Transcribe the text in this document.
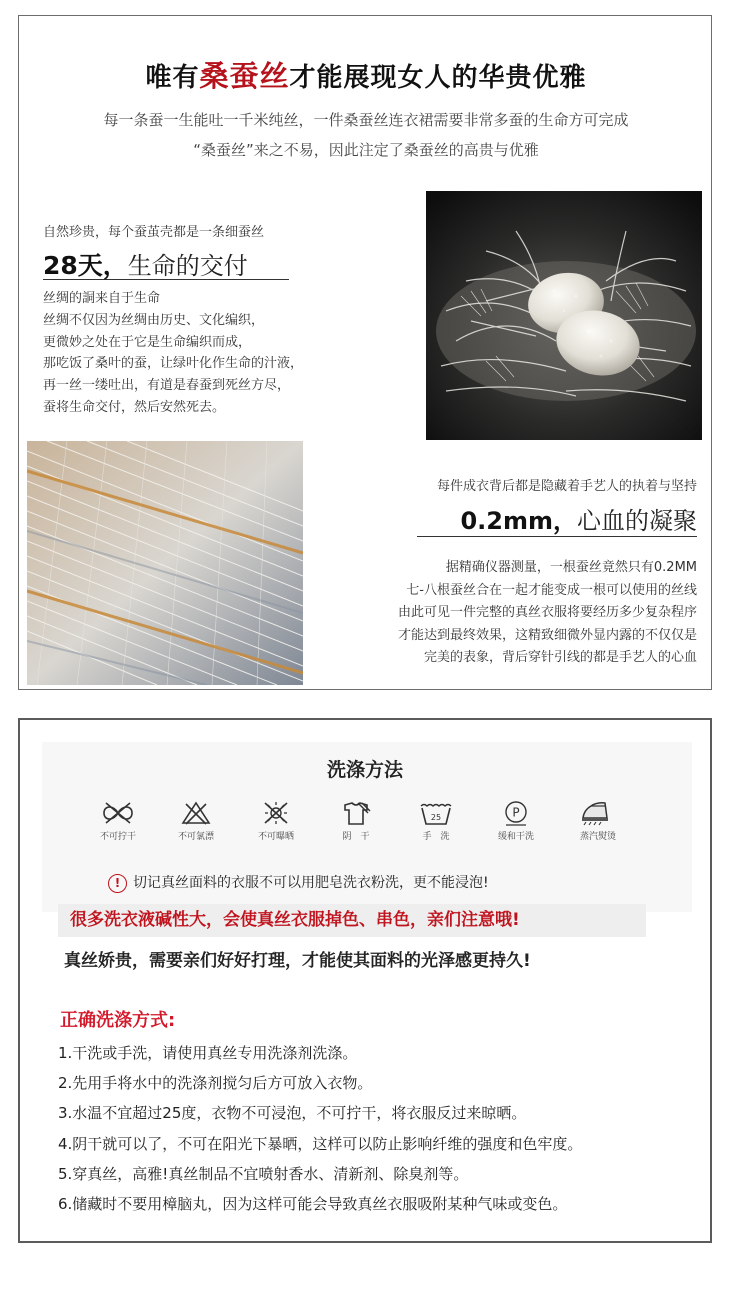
唯有桑蚕丝才能展现女人的华贵优雅

每一条蚕一生能吐一千米纯丝，一件桑蚕丝连衣裙需要非常多蚕的生命方可完成

“桑蚕丝”来之不易，因此注定了桑蚕丝的高贵与优雅

自然珍贵，每个蚕茧壳都是一条细蚕丝

28天，生命的交付
丝绸的詷来自于生命
丝绸不仅因为丝绸由历史、文化编织，
更微妙之处在于它是生命编织而成，
那吃饭了桑叶的蚕，让绿叶化作生命的汁液，
再一丝一缕吐出，有道是春蚕到死丝方尽，
蚕将生命交付，然后安然死去。

每件成衣背后都是隐藏着手艺人的执着与坚持

0.2mm，心血的凝聚
据精确仪器测量，一根蚕丝竟然只有0.2MM
七-八根蚕丝合在一起才能变成一根可以使用的丝线
由此可见一件完整的真丝衣服将要经历多少复杂程序
才能达到最终效果，这精致细微外显内露的不仅仅是
完美的表象，背后穿针引线的都是手艺人的心血
洗涤方法
不可拧干	不可氯漂	不可曝晒	阴　干
25
手　洗
P
缓和干洗	蒸汽熨烫

! 切记真丝面料的衣服不可以用肥皂洗衣粉洗，更不能浸泡!

很多洗衣液碱性大，会使真丝衣服掉色、串色，亲们注意哦!

真丝娇贵，需要亲们好好打理，才能使其面料的光泽感更持久!

正确洗涤方式:
1.干洗或手洗，请使用真丝专用洗涤剂洗涤。
2.先用手将水中的洗涤剂搅匀后方可放入衣物。
3.水温不宜超过25度，衣物不可浸泡，不可拧干，将衣服反过来晾晒。
4.阴干就可以了，不可在阳光下暴晒，这样可以防止影响纤维的强度和色牢度。
5.穿真丝，高雅!真丝制品不宜喷射香水、清新剂、除臭剂等。
6.储藏时不要用樟脑丸，因为这样可能会导致真丝衣服吸附某种气味或变色。
